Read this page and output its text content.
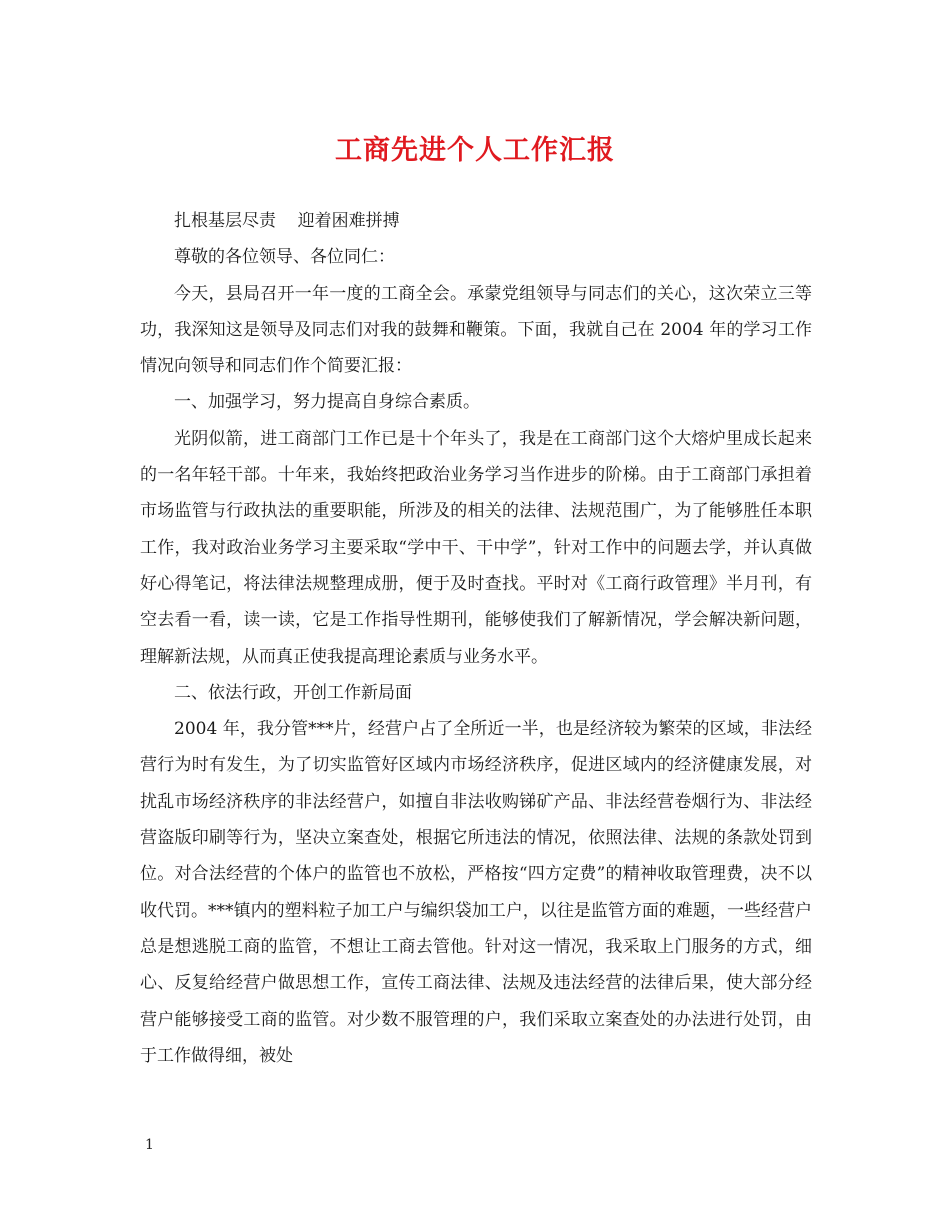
工商先进个人工作汇报

扎根基层尽责    迎着困难拼搏

尊敬的各位领导、各位同仁：

今天，县局召开一年一度的工商全会。承蒙党组领导与同志们的关心，这次荣立三等功，我深知这是领导及同志们对我的鼓舞和鞭策。下面，我就自己在 2004 年的学习工作情况向领导和同志们作个简要汇报：

一、加强学习，努力提高自身综合素质。

光阴似箭，进工商部门工作已是十个年头了，我是在工商部门这个大熔炉里成长起来的一名年轻干部。十年来，我始终把政治业务学习当作进步的阶梯。由于工商部门承担着市场监管与行政执法的重要职能，所涉及的相关的法律、法规范围广，为了能够胜任本职工作，我对政治业务学习主要采取“学中干、干中学”，针对工作中的问题去学，并认真做好心得笔记，将法律法规整理成册，便于及时查找。平时对《工商行政管理》半月刊，有空去看一看，读一读，它是工作指导性期刊，能够使我们了解新情况，学会解决新问题，理解新法规，从而真正使我提高理论素质与业务水平。

二、依法行政，开创工作新局面

2004 年，我分管***片，经营户占了全所近一半，也是经济较为繁荣的区域，非法经营行为时有发生，为了切实监管好区域内市场经济秩序，促进区域内的经济健康发展，对扰乱市场经济秩序的非法经营户，如擅自非法收购锑矿产品、非法经营卷烟行为、非法经营盗版印刷等行为，坚决立案查处，根据它所违法的情况，依照法律、法规的条款处罚到位。对合法经营的个体户的监管也不放松，严格按“四方定费”的精神收取管理费，决不以收代罚。***镇内的塑料粒子加工户与编织袋加工户，以往是监管方面的难题，一些经营户总是想逃脱工商的监管，不想让工商去管他。针对这一情况，我采取上门服务的方式，细心、反复给经营户做思想工作，宣传工商法律、法规及违法经营的法律后果，使大部分经营户能够接受工商的监管。对少数不服管理的户，我们采取立案查处的办法进行处罚，由于工作做得细，被处

1
